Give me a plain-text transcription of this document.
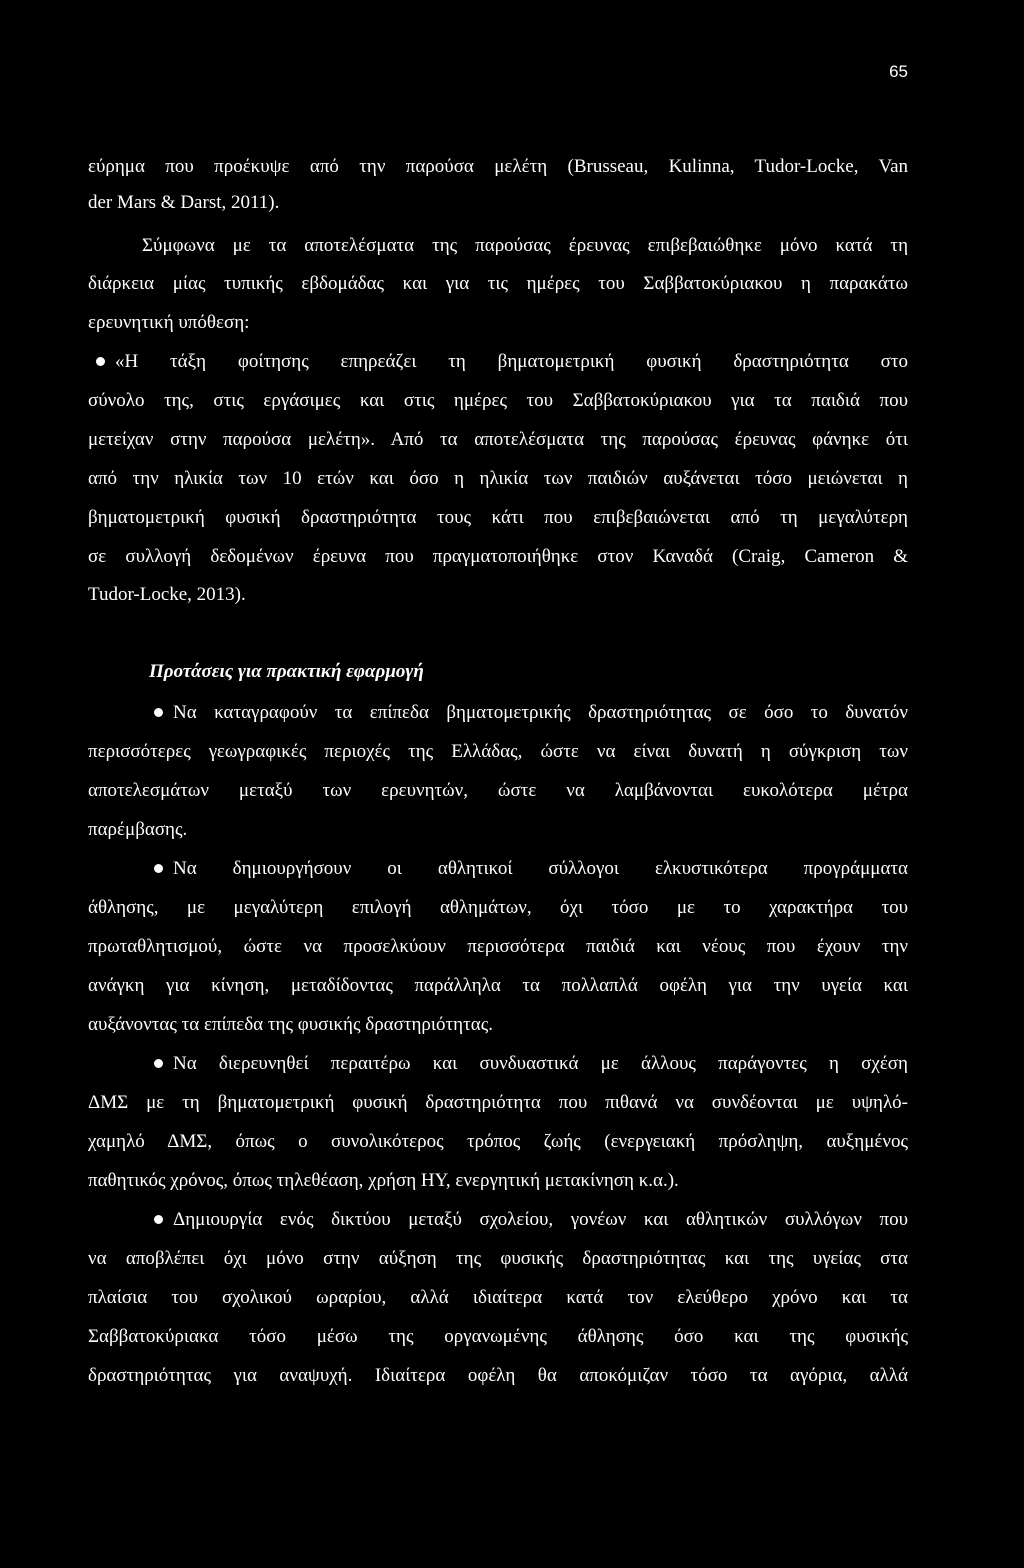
65
εύρημα που προέκυψε από την παρούσα μελέτη (Brusseau, Kulinna, Tudor-Locke, Van
der Mars & Darst, 2011).
Σύμφωνα με τα αποτελέσματα της παρούσας έρευνας επιβεβαιώθηκε μόνο κατά τη
διάρκεια μίας τυπικής εβδομάδας και για τις ημέρες του Σαββατοκύριακου η παρακάτω
ερευνητική υπόθεση:
«Η τάξη φοίτησης επηρεάζει τη βηματομετρική φυσική δραστηριότητα στο
σύνολο της, στις εργάσιμες και στις ημέρες του Σαββατοκύριακου για τα παιδιά που
μετείχαν στην παρούσα μελέτη». Από τα αποτελέσματα της παρούσας έρευνας φάνηκε ότι
από την ηλικία των 10 ετών και όσο η ηλικία των παιδιών αυξάνεται τόσο μειώνεται η
βηματομετρική φυσική δραστηριότητα τους κάτι που επιβεβαιώνεται από τη μεγαλύτερη
σε συλλογή δεδομένων έρευνα που πραγματοποιήθηκε στον Καναδά (Craig, Cameron &
Tudor-Locke, 2013).
Προτάσεις για πρακτική εφαρμογή
Να καταγραφούν τα επίπεδα βηματομετρικής δραστηριότητας σε όσο το δυνατόν
περισσότερες γεωγραφικές περιοχές της Ελλάδας, ώστε να είναι δυνατή η σύγκριση των
αποτελεσμάτων μεταξύ των ερευνητών, ώστε να λαμβάνονται ευκολότερα μέτρα
παρέμβασης.
Να δημιουργήσουν οι αθλητικοί σύλλογοι ελκυστικότερα προγράμματα
άθλησης, με μεγαλύτερη επιλογή αθλημάτων, όχι τόσο με το χαρακτήρα του
πρωταθλητισμού, ώστε να προσελκύουν περισσότερα παιδιά και νέους που έχουν την
ανάγκη για κίνηση, μεταδίδοντας παράλληλα τα πολλαπλά οφέλη για την υγεία και
αυξάνοντας τα επίπεδα της φυσικής δραστηριότητας.
Να διερευνηθεί περαιτέρω και συνδυαστικά με άλλους παράγοντες η σχέση
ΔΜΣ με τη βηματομετρική φυσική δραστηριότητα που πιθανά να συνδέονται με υψηλό-
χαμηλό ΔΜΣ, όπως ο συνολικότερος τρόπος ζωής (ενεργειακή πρόσληψη, αυξημένος
παθητικός χρόνος, όπως τηλεθέαση, χρήση ΗΥ, ενεργητική μετακίνηση κ.α.).
Δημιουργία ενός δικτύου μεταξύ σχολείου, γονέων και αθλητικών συλλόγων που
να αποβλέπει όχι μόνο στην αύξηση της φυσικής δραστηριότητας και της υγείας στα
πλαίσια του σχολικού ωραρίου, αλλά ιδιαίτερα κατά τον ελεύθερο χρόνο και τα
Σαββατοκύριακα τόσο μέσω της οργανωμένης άθλησης όσο και της φυσικής
δραστηριότητας για αναψυχή. Ιδιαίτερα οφέλη θα αποκόμιζαν τόσο τα αγόρια, αλλά
